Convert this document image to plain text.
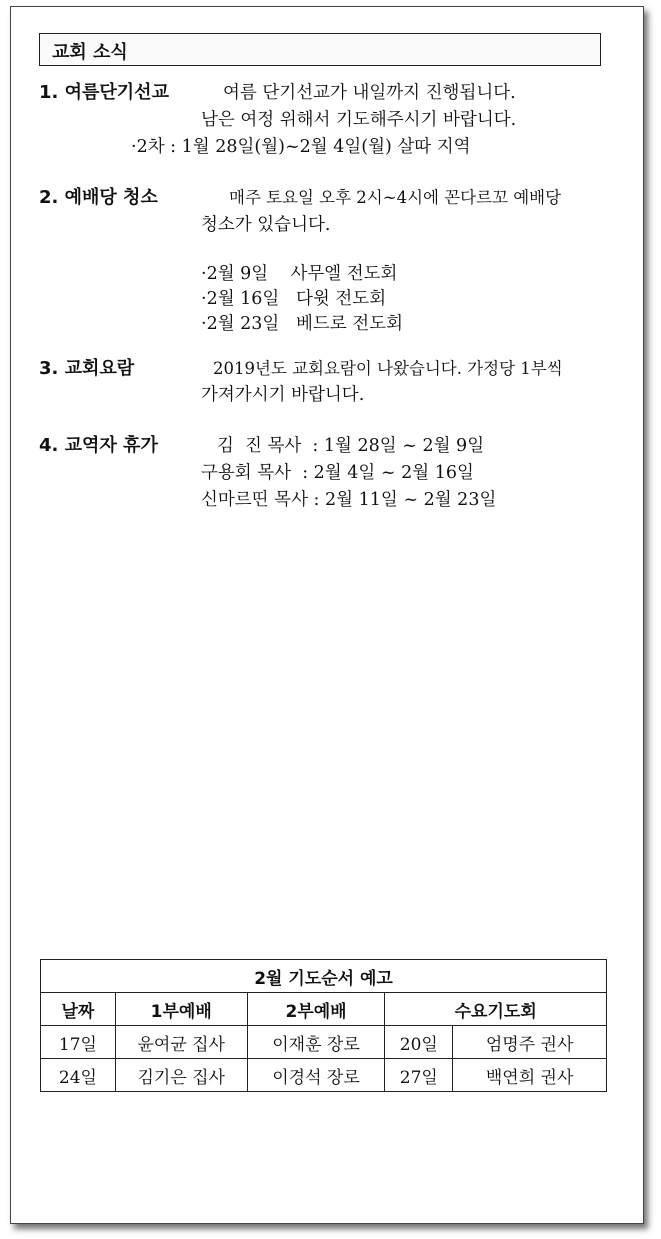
교회 소식
1. 여름단기선교	여름 단기선교가 내일까지 진행됩니다.
남은 여정 위해서 기도해주시기 바랍니다.
·2차 : 1월 28일(월)~2월 4일(월) 살따 지역
2. 예배당 청소	매주 토요일 오후 2시~4시에 꼰다르꼬 예배당
청소가 있습니다.
·2월 9일    사무엘 전도회
·2월 16일   다윗 전도회
·2월 23일   베드로 전도회
3. 교회요람	2019년도 교회요람이 나왔습니다. 가정당 1부씩
가져가시기 바랍니다.
4. 교역자 휴가	김  진 목사  : 1월 28일 ~ 2월 9일
구용회 목사  : 2월 4일 ~ 2월 16일
신마르띤 목사 : 2월 11일 ~ 2월 23일
2월 기도순서 예고				
날짜	1부예배	2부예배	수요기도회	
17일	윤여균 집사	이재훈 장로	20일	엄명주 권사
24일	김기은 집사	이경석 장로	27일	백연희 권사
